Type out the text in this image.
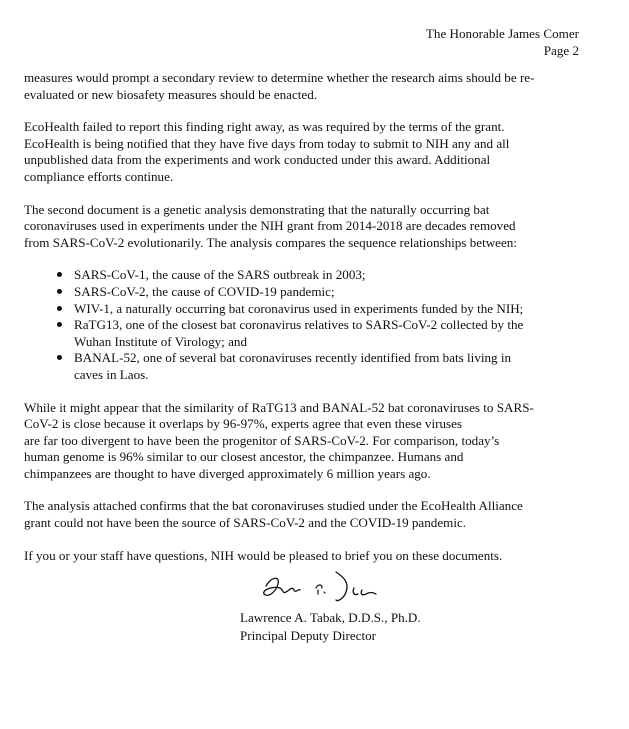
The Honorable James Comer
Page 2
measures would prompt a secondary review to determine whether the research aims should be re-
evaluated or new biosafety measures should be enacted.
EcoHealth failed to report this finding right away, as was required by the terms of the grant.
EcoHealth is being notified that they have five days from today to submit to NIH any and all
unpublished data from the experiments and work conducted under this award. Additional
compliance efforts continue.
The second document is a genetic analysis demonstrating that the naturally occurring bat
coronaviruses used in experiments under the NIH grant from 2014-2018 are decades removed
from SARS-CoV-2 evolutionarily. The analysis compares the sequence relationships between:
SARS-CoV-1, the cause of the SARS outbreak in 2003;
SARS-CoV-2, the cause of COVID-19 pandemic;
WIV-1, a naturally occurring bat coronavirus used in experiments funded by the NIH;
RaTG13, one of the closest bat coronavirus relatives to SARS-CoV-2 collected by the
Wuhan Institute of Virology; and
BANAL-52, one of several bat coronaviruses recently identified from bats living in
caves in Laos.
While it might appear that the similarity of RaTG13 and BANAL-52 bat coronaviruses to SARS-
CoV-2 is close because it overlaps by 96-97%, experts agree that even these viruses
are far too divergent to have been the progenitor of SARS-CoV-2. For comparison, today’s
human genome is 96% similar to our closest ancestor, the chimpanzee. Humans and
chimpanzees are thought to have diverged approximately 6 million years ago.
The analysis attached confirms that the bat coronaviruses studied under the EcoHealth Alliance
grant could not have been the source of SARS-CoV-2 and the COVID-19 pandemic.
If you or your staff have questions, NIH would be pleased to brief you on these documents.
Lawrence A. Tabak, D.D.S., Ph.D.
Principal Deputy Director
